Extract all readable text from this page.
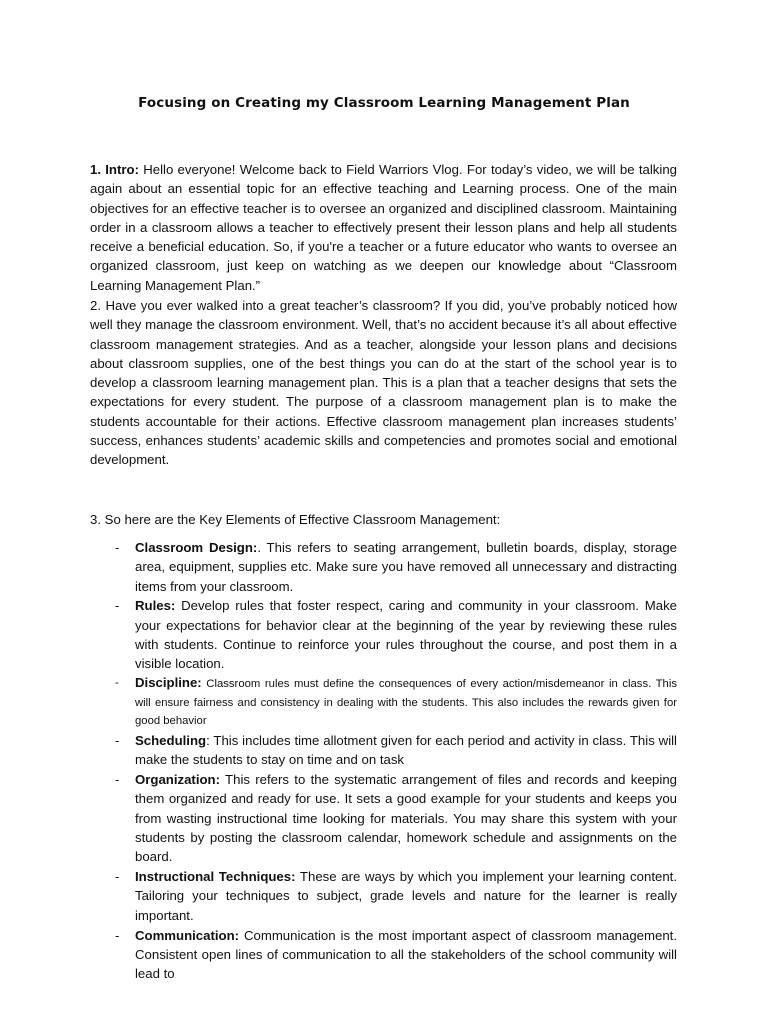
Focusing on Creating my Classroom Learning Management Plan

1. Intro: Hello everyone! Welcome back to Field Warriors Vlog. For today’s video, we will be talking again about an essential topic for an effective teaching and Learning process. One of the main objectives for an effective teacher is to oversee an organized and disciplined classroom. Maintaining order in a classroom allows a teacher to effectively present their lesson plans and help all students receive a beneficial education. So, if you're a teacher or a future educator who wants to oversee an organized classroom, just keep on watching as we deepen our knowledge about “Classroom Learning Management Plan.”

2. Have you ever walked into a great teacher’s classroom? If you did, you’ve probably noticed how well they manage the classroom environment. Well, that’s no accident because it’s all about effective classroom management strategies. And as a teacher, alongside your lesson plans and decisions about classroom supplies, one of the best things you can do at the start of the school year is to develop a classroom learning management plan. This is a plan that a teacher designs that sets the expectations for every student. The purpose of a classroom management plan is to make the students accountable for their actions. Effective classroom management plan increases students’ success, enhances students’ academic skills and competencies and promotes social and emotional development.

3. So here are the Key Elements of Effective Classroom Management:

- Classroom Design:. This refers to seating arrangement, bulletin boards, display, storage area, equipment, supplies etc. Make sure you have removed all unnecessary and distracting items from your classroom.
- Rules: Develop rules that foster respect, caring and community in your classroom. Make your expectations for behavior clear at the beginning of the year by reviewing these rules with students. Continue to reinforce your rules throughout the course, and post them in a visible location.
- Discipline: Classroom rules must define the consequences of every action/misdemeanor in class. This will ensure fairness and consistency in dealing with the students. This also includes the rewards given for good behavior
- Scheduling: This includes time allotment given for each period and activity in class. This will make the students to stay on time and on task
- Organization: This refers to the systematic arrangement of files and records and keeping them organized and ready for use. It sets a good example for your students and keeps you from wasting instructional time looking for materials. You may share this system with your students by posting the classroom calendar, homework schedule and assignments on the board.
- Instructional Techniques: These are ways by which you implement your learning content. Tailoring your techniques to subject, grade levels and nature for the learner is really important.
- Communication: Communication is the most important aspect of classroom management. Consistent open lines of communication to all the stakeholders of the school community will lead to
